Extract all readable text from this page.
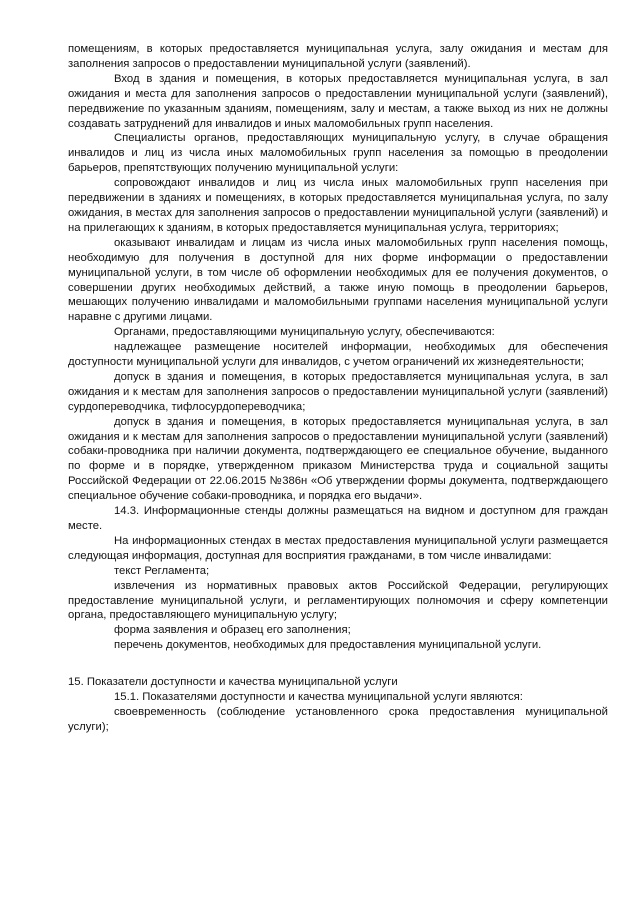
помещениям, в которых предоставляется муниципальная услуга, залу ожидания и местам для заполнения запросов о предоставлении муниципальной услуги (заявлений).

Вход в здания и помещения, в которых предоставляется муниципальная услуга, в зал ожидания и места для заполнения запросов о предоставлении муниципальной услуги (заявлений), передвижение по указанным зданиям, помещениям, залу и местам, а также выход из них не должны создавать затруднений для инвалидов и иных маломобильных групп населения.

Специалисты органов, предоставляющих муниципальную услугу, в случае обращения инвалидов и лиц из числа иных маломобильных групп населения за помощью в преодолении барьеров, препятствующих получению муниципальной услуги:

сопровождают инвалидов и лиц из числа иных маломобильных групп населения при передвижении в зданиях и помещениях, в которых предоставляется муниципальная услуга, по залу ожидания, в местах для заполнения запросов о предоставлении муниципальной услуги (заявлений) и на прилегающих к зданиям, в которых предоставляется муниципальная услуга, территориях;

оказывают инвалидам и лицам из числа иных маломобильных групп населения помощь, необходимую для получения в доступной для них форме информации о предоставлении муниципальной услуги, в том числе об оформлении необходимых для ее получения документов, о совершении других необходимых действий, а также иную помощь в преодолении барьеров, мешающих получению инвалидами и маломобильными группами населения муниципальной услуги наравне с другими лицами.

Органами, предоставляющими муниципальную услугу, обеспечиваются:

надлежащее размещение носителей информации, необходимых для обеспечения доступности муниципальной услуги для инвалидов, с учетом ограничений их жизнедеятельности;

допуск в здания и помещения, в которых предоставляется муниципальная услуга, в зал ожидания и к местам для заполнения запросов о предоставлении муниципальной услуги (заявлений) сурдопереводчика, тифлосурдопереводчика;

допуск в здания и помещения, в которых предоставляется муниципальная услуга, в зал ожидания и к местам для заполнения запросов о предоставлении муниципальной услуги (заявлений) собаки-проводника при наличии документа, подтверждающего ее специальное обучение, выданного по форме и в порядке, утвержденном приказом Министерства труда и социальной защиты Российской Федерации от 22.06.2015 №386н «Об утверждении формы документа, подтверждающего специальное обучение собаки-проводника, и порядка его выдачи».

14.3. Информационные стенды должны размещаться на видном и доступном для граждан месте.

На информационных стендах в местах предоставления муниципальной услуги размещается следующая информация, доступная для восприятия гражданами, в том числе инвалидами:

текст Регламента;

извлечения из нормативных правовых актов Российской Федерации, регулирующих предоставление муниципальной услуги, и регламентирующих полномочия и сферу компетенции органа, предоставляющего муниципальную услугу;

форма заявления и образец его заполнения;

перечень документов, необходимых для предоставления муниципальной услуги.

15. Показатели доступности и качества муниципальной услуги

15.1. Показателями доступности и качества муниципальной услуги являются:

своевременность (соблюдение установленного срока предоставления муниципальной услуги);
